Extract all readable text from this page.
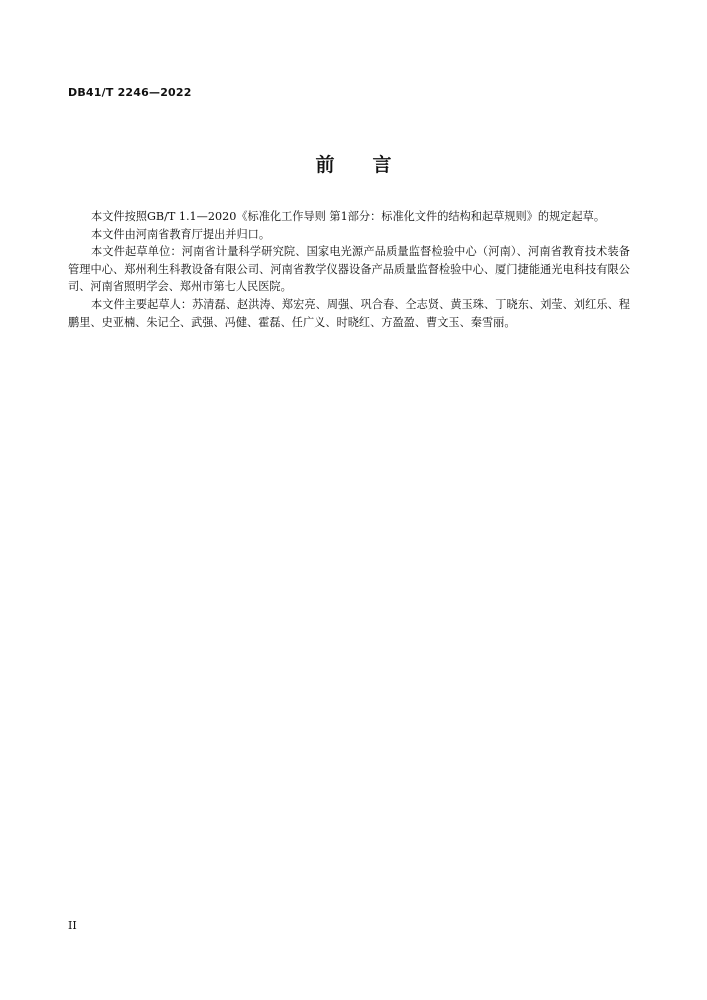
DB41/T 2246—2022
前　　言

本文件按照GB/T 1.1—2020《标准化工作导则 第1部分：标准化文件的结构和起草规则》的规定起草。

本文件由河南省教育厅提出并归口。

本文件起草单位：河南省计量科学研究院、国家电光源产品质量监督检验中心（河南）、河南省教育技术装备管理中心、郑州利生科教设备有限公司、河南省教学仪器设备产品质量监督检验中心、厦门捷能通光电科技有限公司、河南省照明学会、郑州市第七人民医院。

本文件主要起草人：苏清磊、赵洪涛、郑宏亮、周强、巩合春、仝志贤、黄玉珠、丁晓东、刘莹、刘红乐、程鹏里、史亚楠、朱记仝、武强、冯健、霍磊、任广义、时晓红、方盈盈、曹文玉、秦雪丽。

II
